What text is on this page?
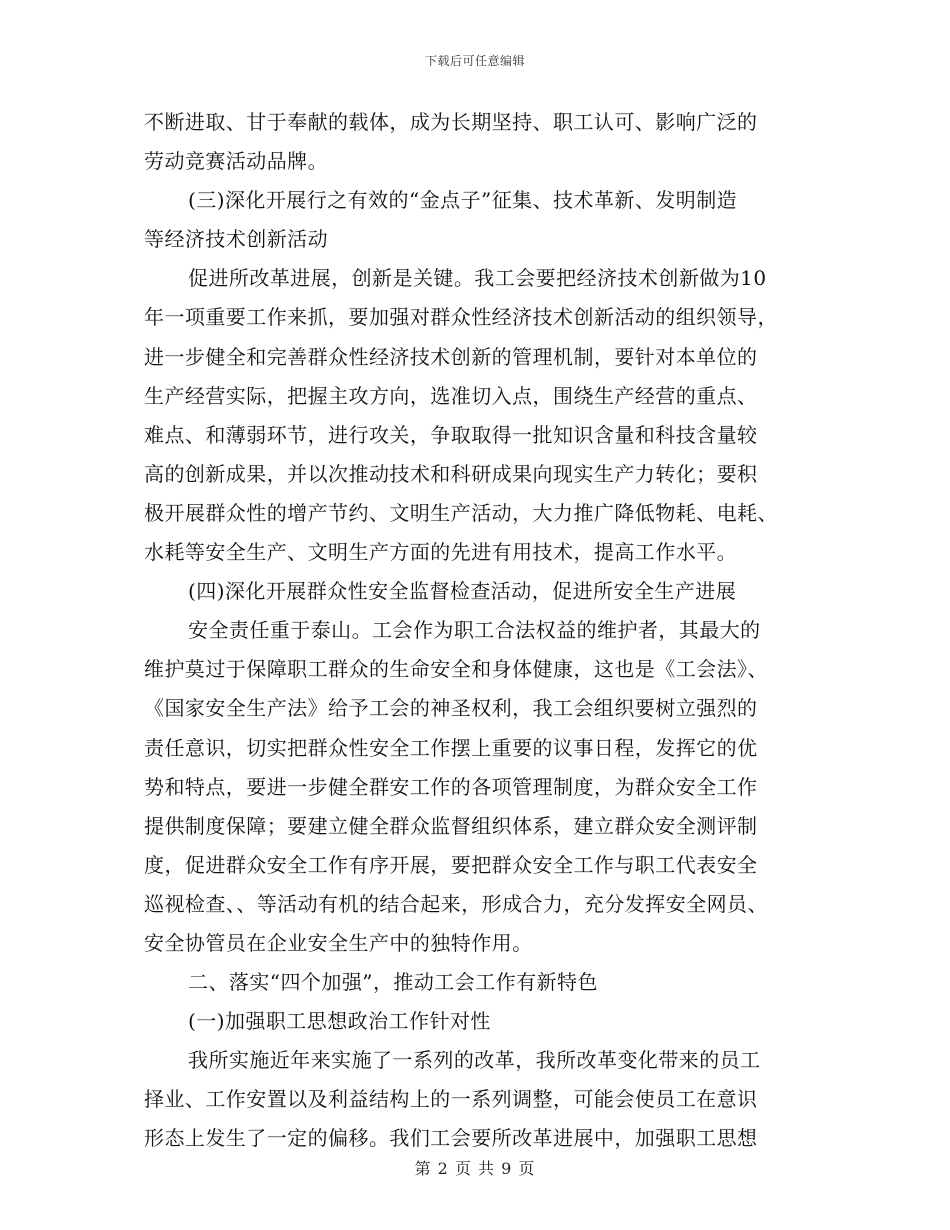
下载后可任意编辑
不断进取、甘于奉献的载体，成为长期坚持、职工认可、影响广泛的
劳动竞赛活动品牌。
(三)深化开展行之有效的“金点子”征集、技术革新、发明制造
等经济技术创新活动
促进所改革进展，创新是关键。我工会要把经济技术创新做为10
年一项重要工作来抓，要加强对群众性经济技术创新活动的组织领导，
进一步健全和完善群众性经济技术创新的管理机制，要针对本单位的
生产经营实际，把握主攻方向，选准切入点，围绕生产经营的重点、
难点、和薄弱环节，进行攻关，争取取得一批知识含量和科技含量较
高的创新成果，并以次推动技术和科研成果向现实生产力转化；要积
极开展群众性的增产节约、文明生产活动，大力推广降低物耗、电耗、
水耗等安全生产、文明生产方面的先进有用技术，提高工作水平。
(四)深化开展群众性安全监督检查活动，促进所安全生产进展
安全责任重于泰山。工会作为职工合法权益的维护者，其最大的
维护莫过于保障职工群众的生命安全和身体健康，这也是《工会法》、
《国家安全生产法》给予工会的神圣权利，我工会组织要树立强烈的
责任意识，切实把群众性安全工作摆上重要的议事日程，发挥它的优
势和特点，要进一步健全群安工作的各项管理制度，为群众安全工作
提供制度保障；要建立健全群众监督组织体系，建立群众安全测评制
度，促进群众安全工作有序开展，要把群众安全工作与职工代表安全
巡视检查、、等活动有机的结合起来，形成合力，充分发挥安全网员、
安全协管员在企业安全生产中的独特作用。
二、落实“四个加强”，推动工会工作有新特色
(一)加强职工思想政治工作针对性
我所实施近年来实施了一系列的改革，我所改革变化带来的员工
择业、工作安置以及利益结构上的一系列调整，可能会使员工在意识
形态上发生了一定的偏移。我们工会要所改革进展中，加强职工思想
第 2 页 共 9 页
